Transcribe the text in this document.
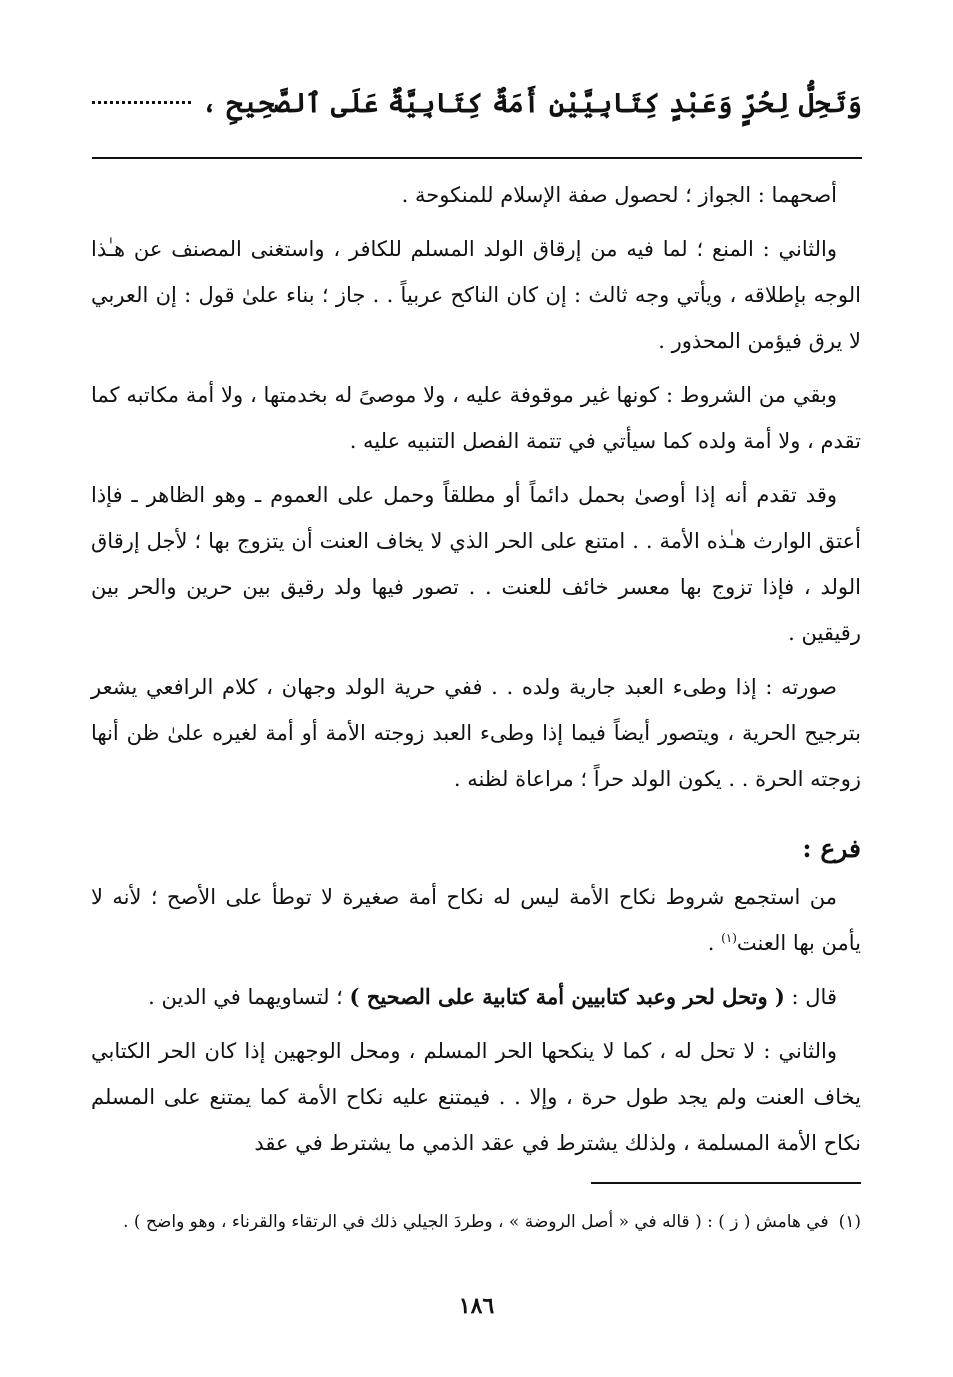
وَتَحِلُّ لِحُرٍّ وَعَبْدٍ كِتَابِيَّيْنِ أَمَةٌ كِتَابِيَّةٌ عَلَى ٱلصَّحِيحِ ،

أصحهما : الجواز ؛ لحصول صفة الإسلام للمنكوحة .

والثاني : المنع ؛ لما فيه من إرقاق الولد المسلم للكافر ، واستغنى المصنف عن هـٰذا الوجه بإطلاقه ، ويأتي وجه ثالث : إن كان الناكح عربياً . . جاز ؛ بناء علىٰ قول : إن العربي لا يرق فيؤمن المحذور .

وبقي من الشروط : كونها غير موقوفة عليه ، ولا موصىً له بخدمتها ، ولا أمة مكاتبه كما تقدم ، ولا أمة ولده كما سيأتي في تتمة الفصل التنبيه عليه .

وقد تقدم أنه إذا أوصىٰ بحمل دائماً أو مطلقاً وحمل على العموم ـ وهو الظاهر ـ فإذا أعتق الوارث هـٰذه الأمة . . امتنع على الحر الذي لا يخاف العنت أن يتزوج بها ؛ لأجل إرقاق الولد ، فإذا تزوج بها معسر خائف للعنت . . تصور فيها ولد رقيق بين حرين والحر بين رقيقين .

صورته : إذا وطىء العبد جارية ولده . . ففي حرية الولد وجهان ، كلام الرافعي يشعر بترجيح الحرية ، ويتصور أيضاً فيما إذا وطىء العبد زوجته الأمة أو أمة لغيره علىٰ ظن أنها زوجته الحرة . . يكون الولد حراً ؛ مراعاة لظنه .

فرع :

من استجمع شروط نكاح الأمة ليس له نكاح أمة صغيرة لا توطأ على الأصح ؛ لأنه لا يأمن بها العنت$^{(١)}$ .

قال : ( وتحل لحر وعبد كتابيين أمة كتابية على الصحيح ) ؛ لتساويهما في الدين .

والثاني : لا تحل له ، كما لا ينكحها الحر المسلم ، ومحل الوجهين إذا كان الحر الكتابي يخاف العنت ولم يجد طول حرة ، وإلا . . فيمتنع عليه نكاح الأمة كما يمتنع على المسلم نكاح الأمة المسلمة ، ولذلك يشترط في عقد الذمي ما يشترط في عقد

(١)
في هامش ( ز ) : ( قاله في « أصل الروضة » ، وطردَ الجيلي ذلك في الرتقاء والقرناء ، وهو واضح ) .
١٨٦
